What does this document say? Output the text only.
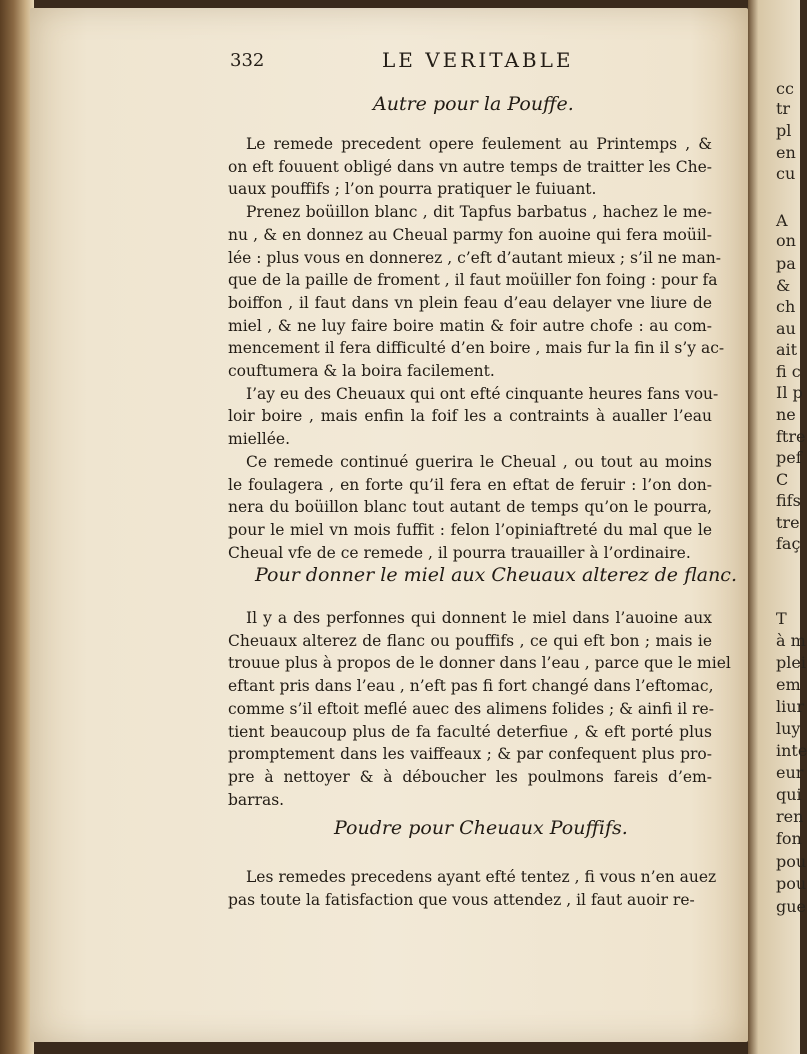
cc
tr
pl
en
cu
A
on
pa
&
ch
au
ait
fi c
Il p
ne
ftre
pef
C
fifs
tre
faç
T
à m
plei
em
liur
luy
inte
eur
qui
ren
fon
pou
pou
gue
332	LE VERITABLE
Autre pour la Pouffe.
Le remede precedent opere feulement au Printemps , &
on eft fouuent obligé dans vn autre temps de traitter les Che-
uaux pouffifs ; l’on pourra pratiquer le fuiuant.
Prenez boüillon blanc , dit Tapfus barbatus , hachez le me-
nu , & en donnez au Cheual parmy fon auoine qui fera moüil-
lée : plus vous en donnerez , c’eft d’autant mieux ; s’il ne man-
que de la paille de froment , il faut moüiller fon foing : pour fa
boiffon , il faut dans vn plein feau d’eau delayer vne liure de
miel , & ne luy faire boire matin & foir autre chofe : au com-
mencement il fera difficulté d’en boire , mais fur la fin il s’y ac-
couftumera & la boira facilement.
I’ay eu des Cheuaux qui ont efté cinquante heures fans vou-
loir boire , mais enfin la foif les a contraints à aualler l’eau
miellée.
Ce remede continué guerira le Cheual , ou tout au moins
le foulagera , en forte qu’il fera en eftat de feruir : l’on don-
nera du boüillon blanc tout autant de temps qu’on le pourra,
pour le miel vn mois fuffit : felon l’opiniaftreté du mal que le
Cheual vfe de ce remede , il pourra trauailler à l’ordinaire.
Pour donner le miel aux Cheuaux alterez de flanc.
Il y a des perfonnes qui donnent le miel dans l’auoine aux
Cheuaux alterez de flanc ou pouffifs , ce qui eft bon ; mais ie
trouue plus à propos de le donner dans l’eau , parce que le miel
eftant pris dans l’eau , n’eft pas fi fort changé dans l’eftomac,
comme s’il eftoit meflé auec des alimens folides ; & ainfi il re-
tient beaucoup plus de fa faculté deterfiue , & eft porté plus
promptement dans les vaiffeaux ; & par confequent plus pro-
pre à nettoyer & à déboucher les poulmons fareis d’em-
barras.
Poudre pour Cheuaux Pouffifs.
Les remedes precedens ayant efté tentez , fi vous n’en auez
pas toute la fatisfaction que vous attendez , il faut auoir re-
